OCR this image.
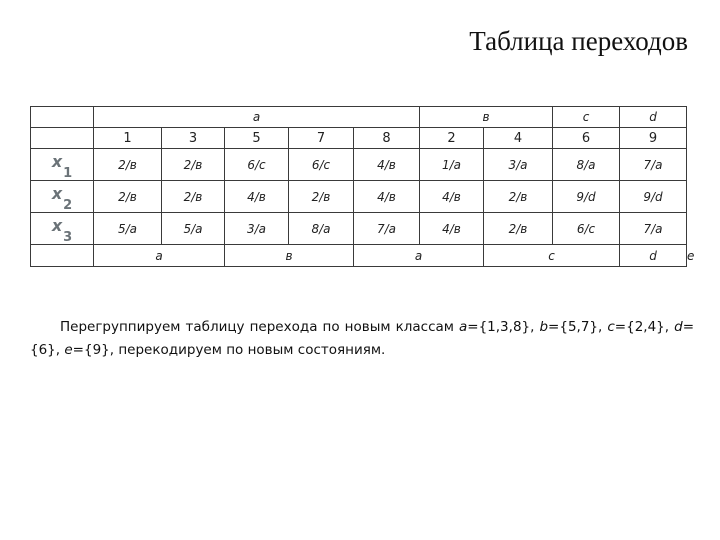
Таблица переходов
	a					в		c	d	
	1	3	5	7	8	2	4	6	9	
$x_1$	2/в	2/в	6/c	6/c	4/в	1/a	3/a	8/a	7/a	
$x_2$	2/в	2/в	4/в	2/в	4/в	4/в	2/в	9/d	9/d	
$x_3$	5/a	5/a	3/a	8/a	7/a	4/в	2/в	6/c	7/a	
	a		в		a		c		d	e
Перегруппируем таблицу перехода по новым классам a={1,3,8}, b={5,7}, c={2,4}, d={6}, e={9}, перекодируем по новым состояниям.
